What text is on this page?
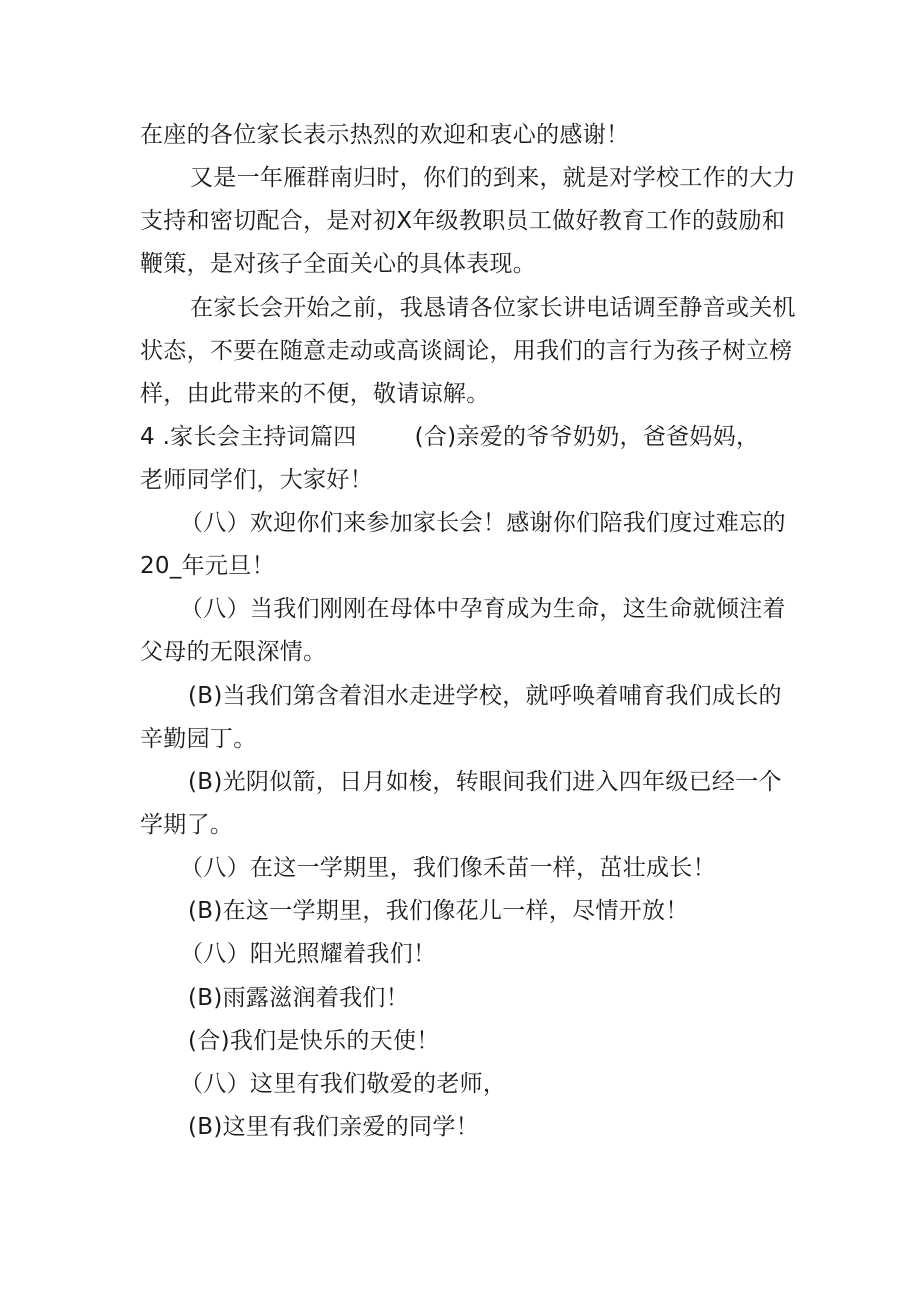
在座的各位家长表示热烈的欢迎和衷心的感谢！
又是一年雁群南归时，你们的到来，就是对学校工作的大力
支持和密切配合，是对初X年级教职员工做好教育工作的鼓励和
鞭策，是对孩子全面关心的具体表现。
在家长会开始之前，我恳请各位家长讲电话调至静音或关机
状态，不要在随意走动或高谈阔论，用我们的言行为孩子树立榜
样，由此带来的不便，敬请谅解。
4 .家长会主持词篇四	(合)亲爱的爷爷奶奶，爸爸妈妈，
老师同学们，大家好！
（八）欢迎你们来参加家长会！感谢你们陪我们度过难忘的
20_年元旦！
（八）当我们刚刚在母体中孕育成为生命，这生命就倾注着
父母的无限深情。
(B)当我们第含着泪水走进学校，就呼唤着哺育我们成长的
辛勤园丁。
(B)光阴似箭，日月如梭，转眼间我们进入四年级已经一个
学期了。
（八）在这一学期里，我们像禾苗一样，茁壮成长！
(B)在这一学期里，我们像花儿一样，尽情开放！
（八）阳光照耀着我们！
(B)雨露滋润着我们！
(合)我们是快乐的天使！
（八）这里有我们敬爱的老师，
(B)这里有我们亲爱的同学！
